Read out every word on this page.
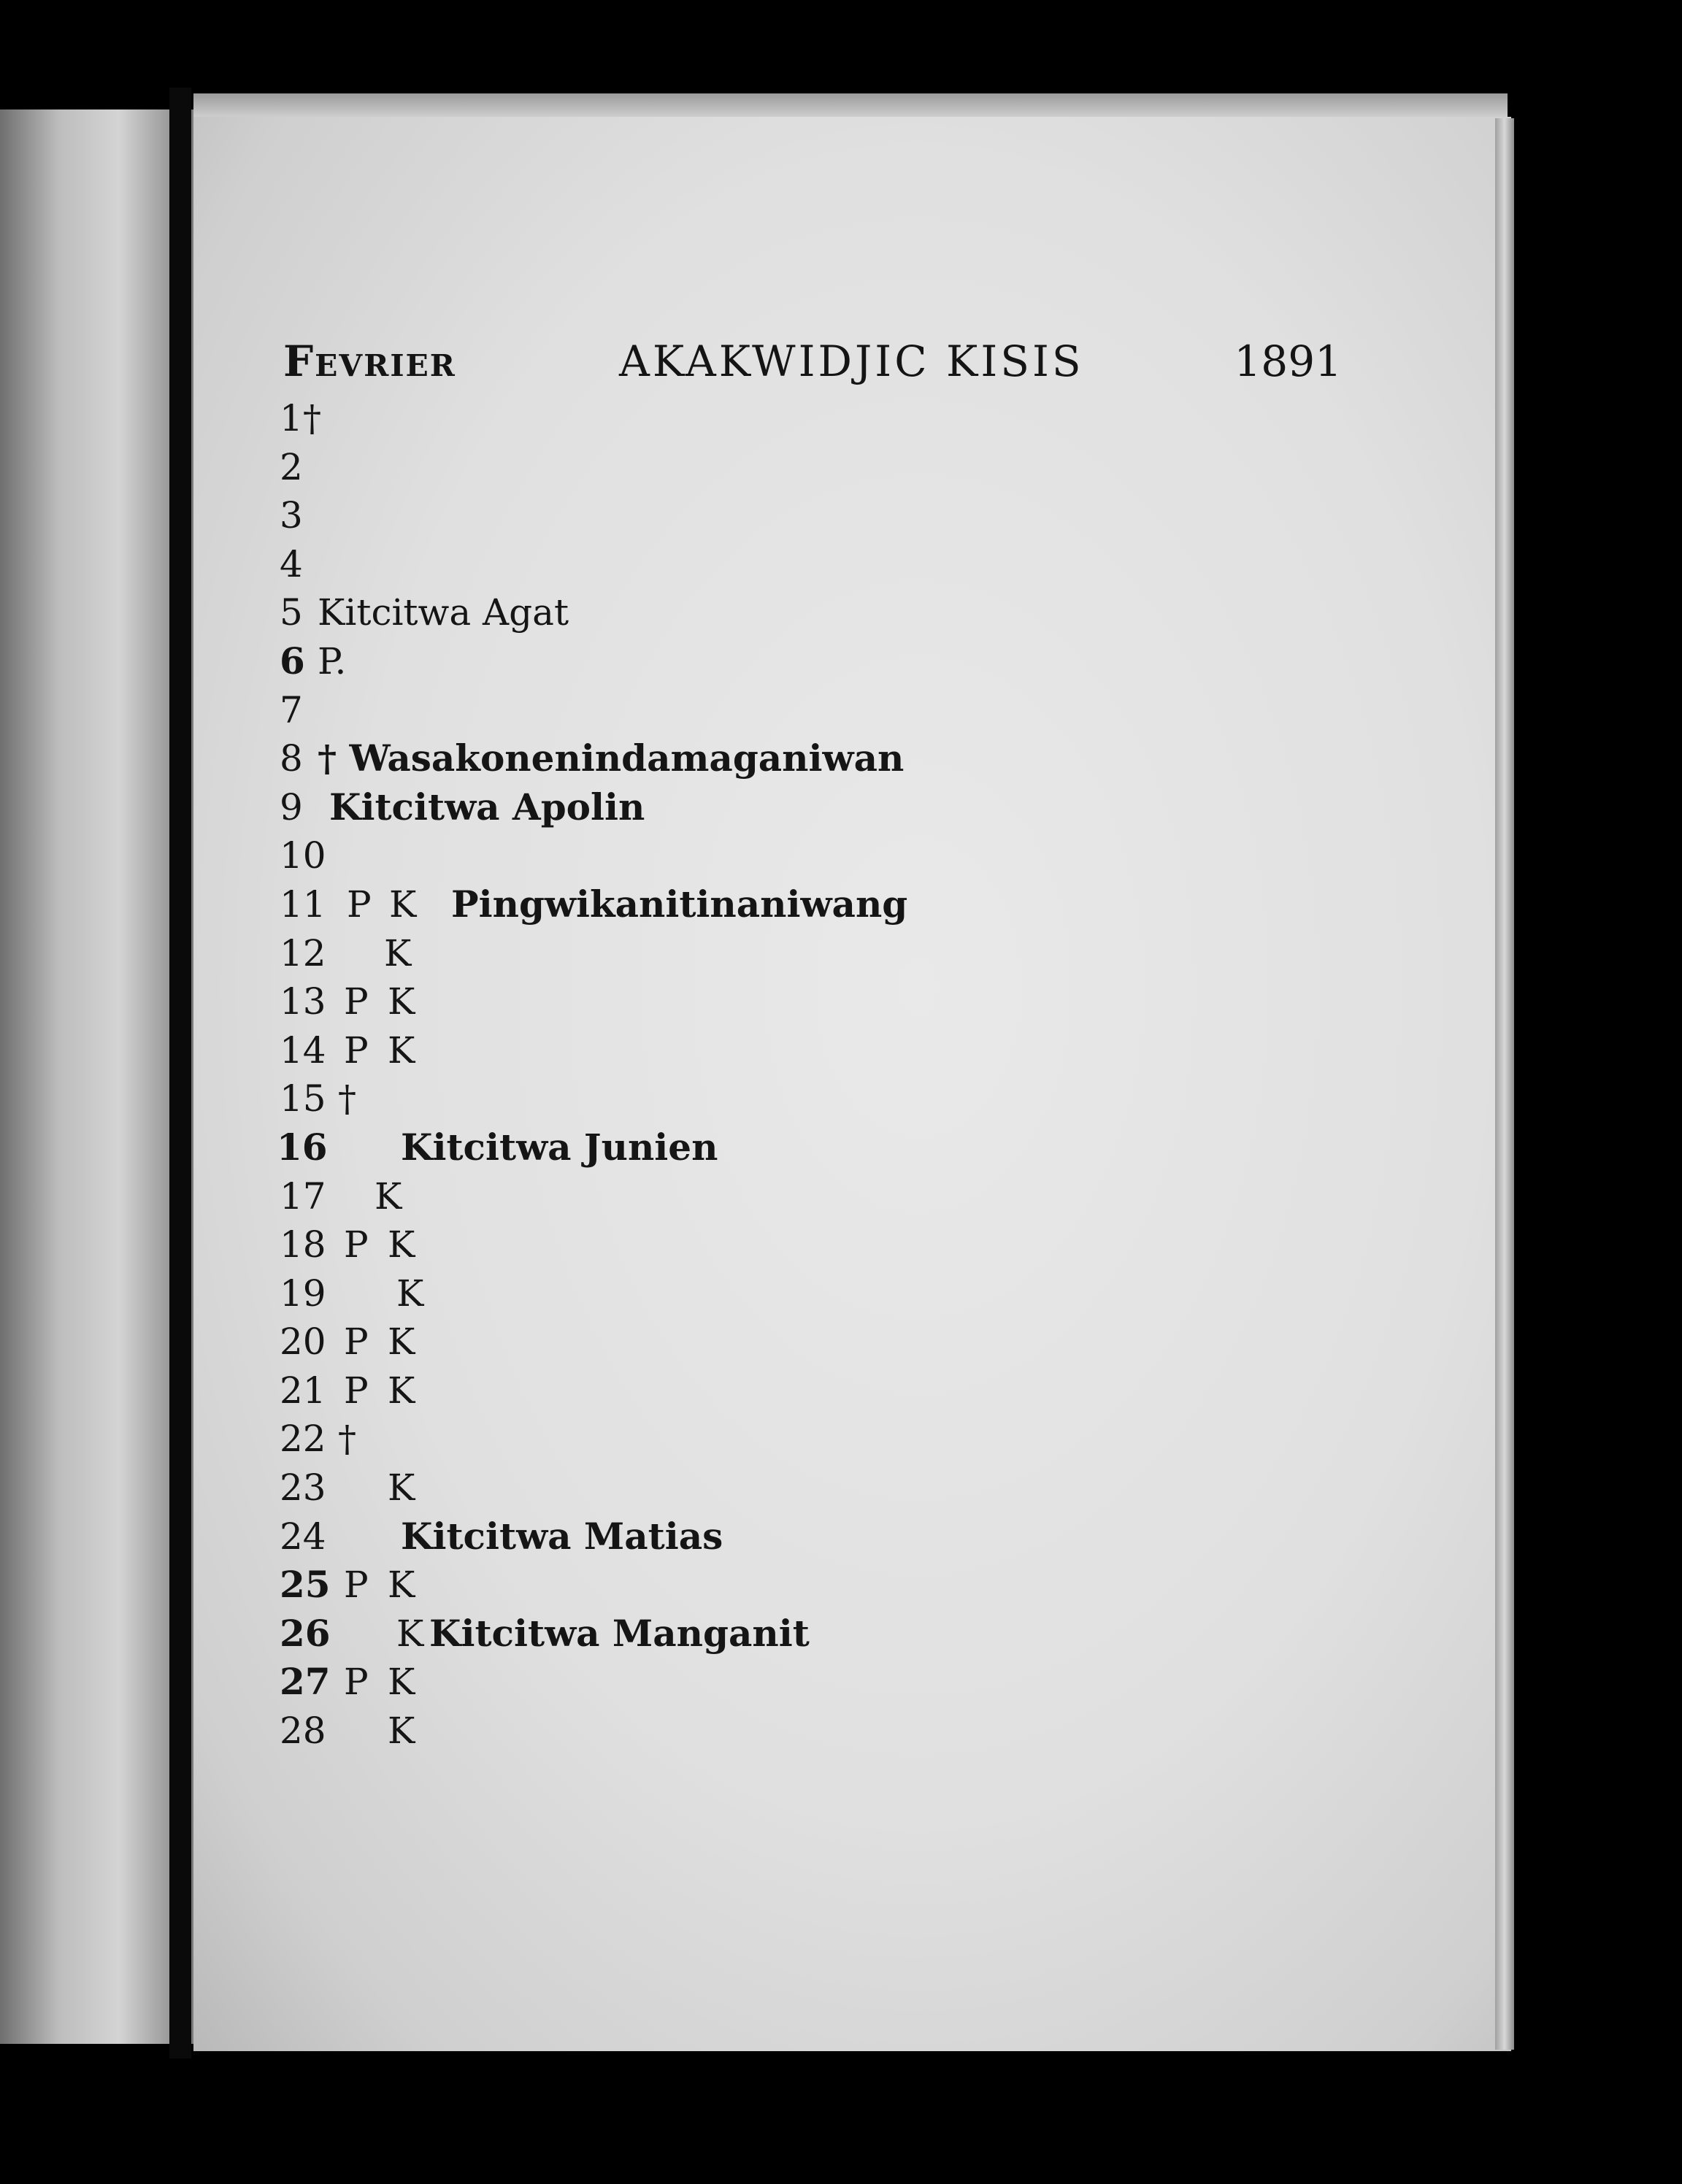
Fevrier	AKAKWIDJIC KISIS	1891
1 †
2
3
4
5 Kitcitwa Agat
6 P.
7
8 † Wasakonenindamaganiwan
9 Kitcitwa Apolin
10
11 P K Pingwikanitinaniwang
12 K
13 P K
14 P K
15 †
16 Kitcitwa Junien
17 K
18 P K
19 K
20 P K
21 P K
22 †
23 K
24 Kitcitwa Matias
25 P K
26 K Kitcitwa Manganit
27 P K
28 K
